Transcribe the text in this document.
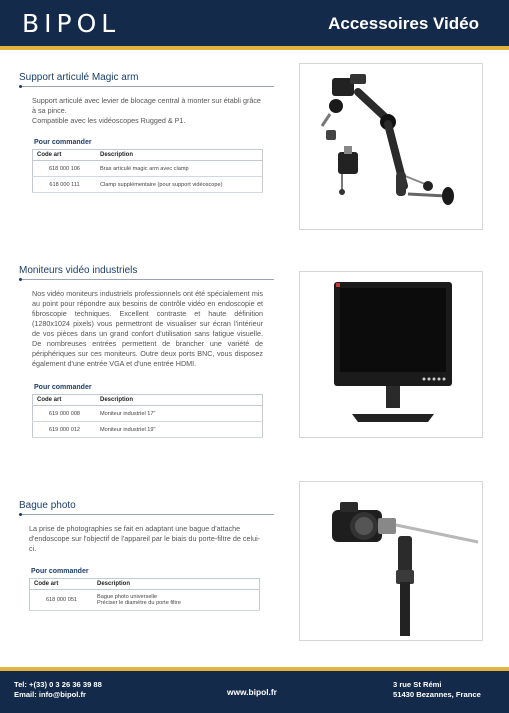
BIPOL	Accessoires Vidéo
Support articulé Magic arm
Support articulé avec levier de blocage central à monter sur établi grâce à sa pince.
Compatible avec les vidéoscopes Rugged & P1.
Pour commander
Code art	Description
618 000 106	Bras articulé magic arm avec clamp
618 000 111	Clamp supplémentaire (pour support vidéoscope)
Moniteurs vidéo industriels
Nos vidéo moniteurs industriels professionnels ont été spécialement mis au point pour répondre aux besoins de contrôle vidéo en endoscopie et fibroscopie techniques. Excellent contraste et haute définition (1280x1024 pixels) vous permettront de visualiser sur écran l'intérieur de vos pièces dans un grand confort d'utilisation sans fatigue visuelle. De nombreuses entrées permettent de brancher une variété de périphériques sur ces moniteurs. Outre deux ports BNC, vous disposez également d'une entrée VGA et d'une entrée HDMI.
Pour commander
Code art	Description
619 000 008	Moniteur industriel 17"
619 000 012	Moniteur industriel 19"
Bague photo
La prise de photographies se fait en adaptant une bague d'attache d'endoscope sur l'objectif de l'appareil par le biais du porte-filtre de celui-ci.
Pour commander
Code art	Description
618 000 051	Bague photo universelle
Préciser le diamètre du porte filtre
Tel: +(33) 0 3 26 36 39 88
Email: info@bipol.fr	www.bipol.fr
3 rue St Rémi
51430 Bezannes, France
